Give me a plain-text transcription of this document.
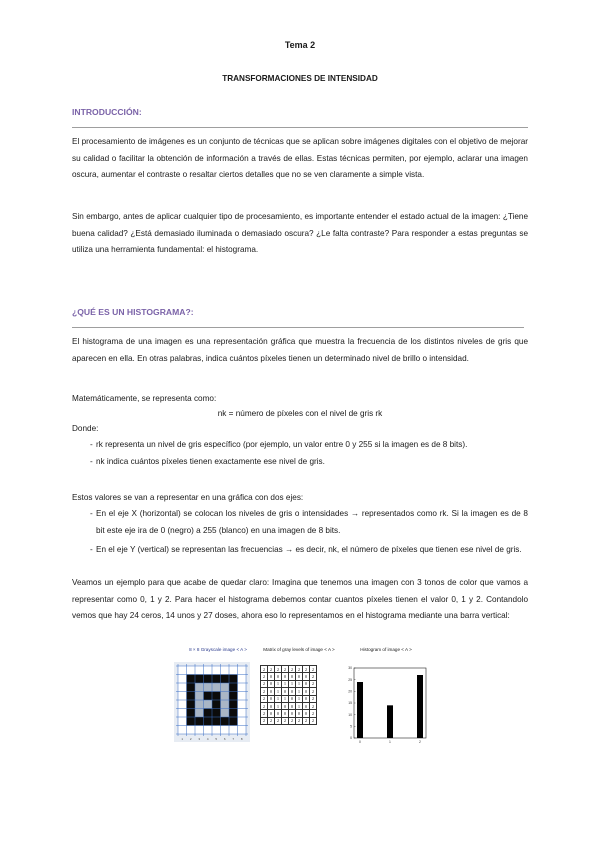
Tema 2
TRANSFORMACIONES DE INTENSIDAD
INTRODUCCIÓN:

El procesamiento de imágenes es un conjunto de técnicas que se aplican sobre imágenes digitales con el objetivo de mejorar su calidad o facilitar la obtención de información a través de ellas. Estas técnicas permiten, por ejemplo, aclarar una imagen oscura, aumentar el contraste o resaltar ciertos detalles que no se ven claramente a simple vista.

Sin embargo, antes de aplicar cualquier tipo de procesamiento, es importante entender el estado actual de la imagen: ¿Tiene buena calidad? ¿Está demasiado iluminada o demasiado oscura? ¿Le falta contraste? Para responder a estas preguntas se utiliza una herramienta fundamental: el histograma.

¿QUÉ ES UN HISTOGRAMA?:

El histograma de una imagen es una representación gráfica que muestra la frecuencia de los distintos niveles de gris que aparecen en ella. En otras palabras, indica cuántos píxeles tienen un determinado nivel de brillo o intensidad.

Matemáticamente, se representa como:

nk = número de píxeles con el nivel de gris rk

Donde:

- rk representa un nivel de gris específico (por ejemplo, un valor entre 0 y 255 si la imagen es de 8 bits).
- nk indica cuántos píxeles tienen exactamente ese nivel de gris.

Estos valores se van a representar en una gráfica con dos ejes:

- En el eje X (horizontal) se colocan los niveles de gris o intensidades → representados como rk. Si la imagen es de 8 bit este eje ira de 0 (negro) a 255 (blanco) en una imagen de 8 bits.
- En el eje Y (vertical) se representan las frecuencias → es decir, nk, el número de píxeles que tienen ese nivel de gris.

Veamos un ejemplo para que acabe de quedar claro: Imagina que tenemos una imagen con 3 tonos de color que vamos a representar como 0, 1 y 2. Para hacer el histograma debemos contar cuantos píxeles tienen el valor 0, 1 y 2. Contandolo vemos que hay 24 ceros, 14 unos y 27 doses, ahora eso lo representamos en el histograma mediante una barra vertical:

8 × 8 Grayscale image < A >
1 2 3 4 5 6 7 8
Matrix of gray levels of image < A >
2	2	2	2	2	2	2	2
2	0	0	0	0	0	0	2
2	0	1	1	1	1	0	2
2	0	1	0	0	1	0	2
2	0	1	1	0	1	0	2
2	0	1	0	0	1	0	2
2	0	0	0	0	0	0	2
2	2	2	2	2	2	2	2
Histogram of image < A >
30
25
20
15
10
5
0
0	1	2
